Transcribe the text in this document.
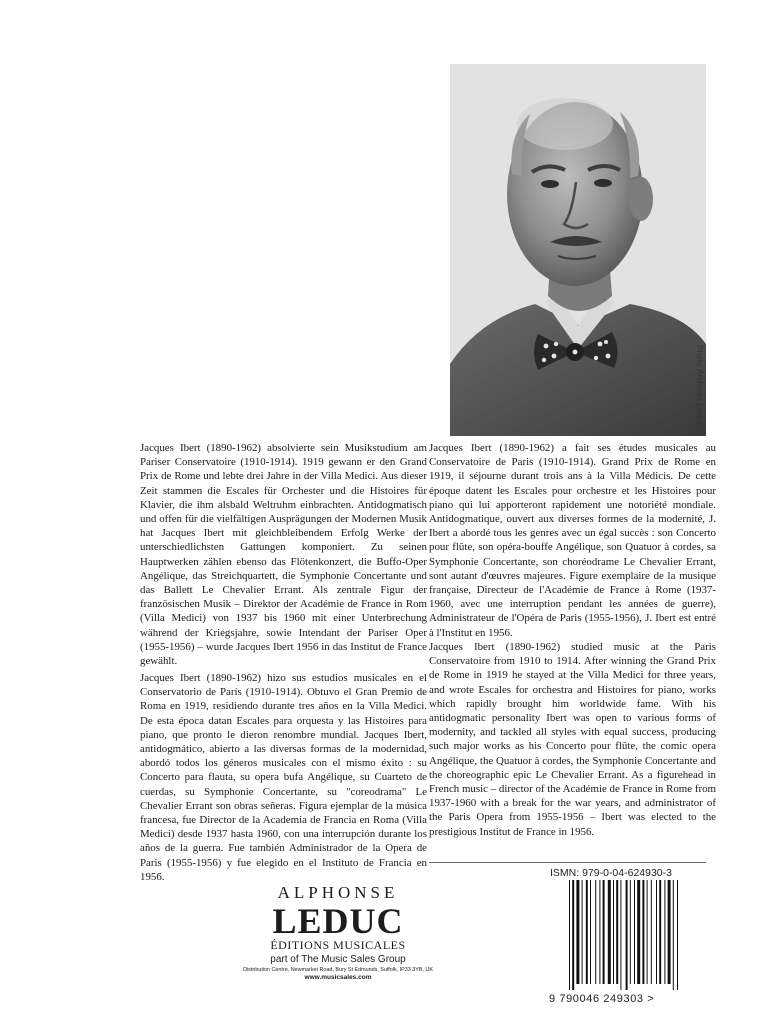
Photo Archives Leduc

Jacques Ibert (1890-1962) absolvierte sein Musikstudium am Pariser Conservatoire (1910-1914). 1919 gewann er den Grand Prix de Rome und lebte drei Jahre in der Villa Medici. Aus dieser Zeit stammen die Escales für Orchester und die Histoires für Klavier, die ihm alsbald Weltruhm einbrachten. Antidogmatisch und offen für die vielfältigen Ausprägungen der Modernen Musik hat Jacques Ibert mit gleichbleibendem Erfolg Werke der unterschiedlichsten Gattungen komponiert. Zu seinen Hauptwerken zählen ebenso das Flötenkonzert, die Buffo-Oper Angélique, das Streichquartett, die Symphonie Concertante und das Ballett Le Chevalier Errant. Als zentrale Figur der französischen Musik – Direktor der Académie de France in Rom (Villa Medici) von 1937 bis 1960 mit einer Unterbrechung während der Kriegsjahre, sowie Intendant der Pariser Oper (1955-1956) – wurde Jacques Ibert 1956 in das Institut de France gewählt.

Jacques Ibert (1890-1962) hizo sus estudios musicales en el Conservatorio de París (1910-1914). Obtuvo el Gran Premio de Roma en 1919, residiendo durante tres años en la Villa Medici. De esta época datan Escales para orquesta y las Histoires para piano, que pronto le dieron renombre mundial. Jacques Ibert, antidogmático, abierto a las diversas formas de la modernidad, abordó todos los géneros musicales con el mismo éxito : su Concerto para flauta, su opera bufa Angélique, su Cuarteto de cuerdas, su Symphonie Concertante, su "coreodrama" Le Chevalier Errant son obras señeras. Figura ejemplar de la música francesa, fue Director de la Academia de Francia en Roma (Villa Medici) desde 1937 hasta 1960, con una interrupción durante los años de la guerra. Fue también Administrador de la Opera de Paris (1955-1956) y fue elegido en el Instituto de Francia en 1956.

Jacques Ibert (1890-1962) a fait ses études musicales au Conservatoire de Paris (1910-1914). Grand Prix de Rome en 1919, il séjourne durant trois ans à la Villa Médicis. De cette époque datent les Escales pour orchestre et les Histoires pour piano qui lui apporteront rapidement une notoriété mondiale. Antidogmatique, ouvert aux diverses formes de la modernité, J. Ibert a abordé tous les genres avec un égal succès : son Concerto pour flûte, son opéra-bouffe Angélique, son Quatuor à cordes, sa Symphonie Concertante, son choréodrame Le Chevalier Errant, sont autant d'œuvres majeures. Figure exemplaire de la musique française, Directeur de l'Académie de France à Rome (1937-1960, avec une interruption pendant les années de guerre), Administrateur de l'Opéra de Paris (1955-1956), J. Ibert est entré à l'Institut en 1956.

Jacques Ibert (1890-1962) studied music at the Paris Conservatoire from 1910 to 1914. After winning the Grand Prix de Rome in 1919 he stayed at the Villa Medici for three years, and wrote Escales for orchestra and Histoires for piano, works which rapidly brought him worldwide fame. With his antidogmatic personality Ibert was open to various forms of modernity, and tackled all styles with equal success, producing such major works as his Concerto pour flûte, the comic opera Angélique, the Quatuor à cordes, the Symphonie Concertante and the choreographic epic Le Chevalier Errant. As a figurehead in French music – director of the Académie de France in Rome from 1937-1960 with a break for the war years, and administrator of the Paris Opera from 1955-1956 – Ibert was elected to the prestigious Institut de France in 1956.

ISMN: 979-0-04-624930-3
9 790046 249303 >
ALPHONSE
LEDUC
ÉDITIONS MUSICALES
part of The Music Sales Group
Distribution Centre, Newmarket Road, Bury St Edmunds, Suffolk, IP33 3YB, UK
www.musicsales.com
